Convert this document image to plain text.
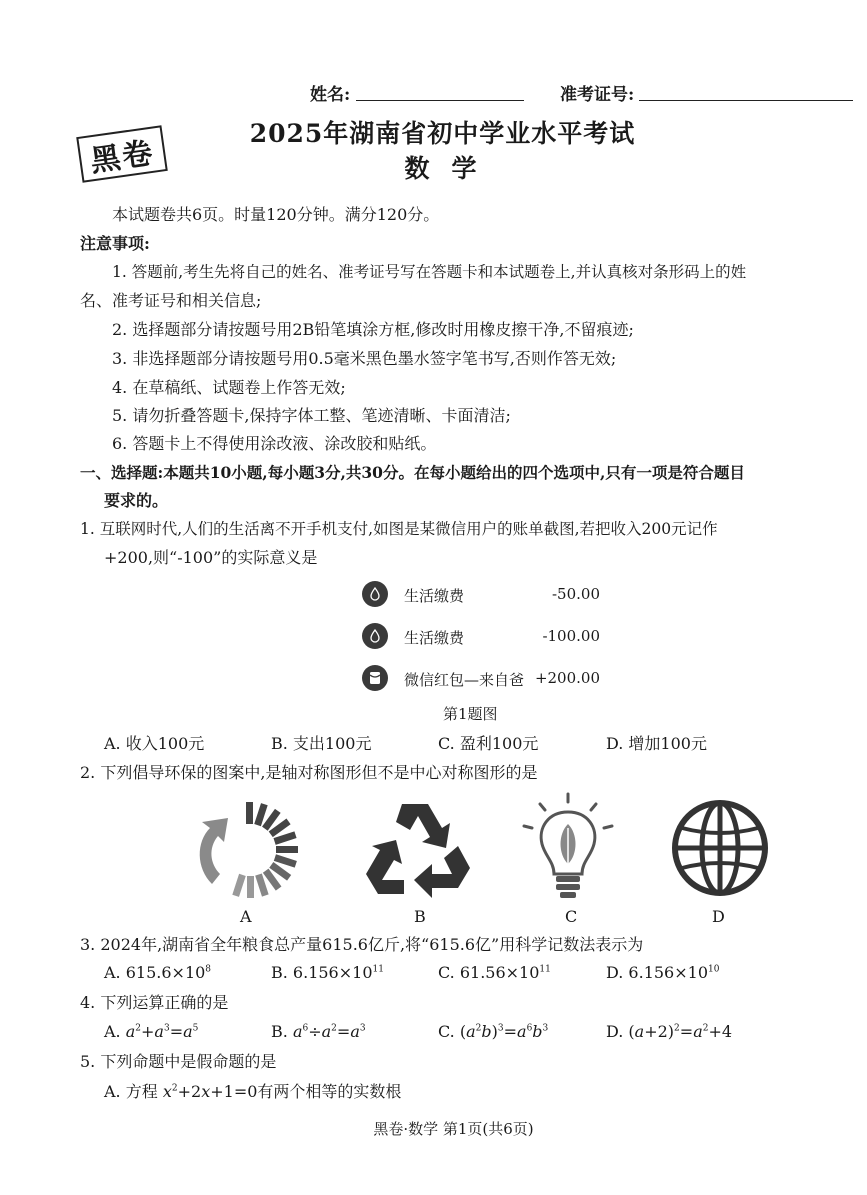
姓名:	准考证号:
黑卷
2025年湖南省初中学业水平考试
数学
本试题卷共6页。时量120分钟。满分120分。
注意事项:
1. 答题前,考生先将自己的姓名、准考证号写在答题卡和本试题卷上,并认真核对条形码上的姓
名、准考证号和相关信息;
2. 选择题部分请按题号用2B铅笔填涂方框,修改时用橡皮擦干净,不留痕迹;
3. 非选择题部分请按题号用0.5毫米黑色墨水签字笔书写,否则作答无效;
4. 在草稿纸、试题卷上作答无效;
5. 请勿折叠答题卡,保持字体工整、笔迹清晰、卡面清洁;
6. 答题卡上不得使用涂改液、涂改胶和贴纸。
一、选择题:本题共10小题,每小题3分,共30分。在每小题给出的四个选项中,只有一项是符合题目
要求的。
1. 互联网时代,人们的生活离不开手机支付,如图是某微信用户的账单截图,若把收入200元记作
+200,则“-100”的实际意义是
生活缴费	-50.00
生活缴费	-100.00
微信红包—来自爸 +200.00
第1题图
A. 收入100元	B. 支出100元	C. 盈利100元	D. 增加100元
2. 下列倡导环保的图案中,是轴对称图形但不是中心对称图形的是
A	B	C	D
3. 2024年,湖南省全年粮食总产量615.6亿斤,将“615.6亿”用科学记数法表示为
A. $615.6\times 10^8$	B. $6.156\times 10^{11}$	C. $61.56\times 10^{11}$	D. $6.156\times 10^{10}$
4. 下列运算正确的是
A. $a^2+a^3=a^5$	B. $a^6\div a^2=a^3$	C. $(a^2b)^3=a^6b^3$	D. $(a+2)^2=a^2+4$
5. 下列命题中是假命题的是
A. 方程 $x^2+2x+1=0$有两个相等的实数根
黑卷·数学 第1页(共6页)
